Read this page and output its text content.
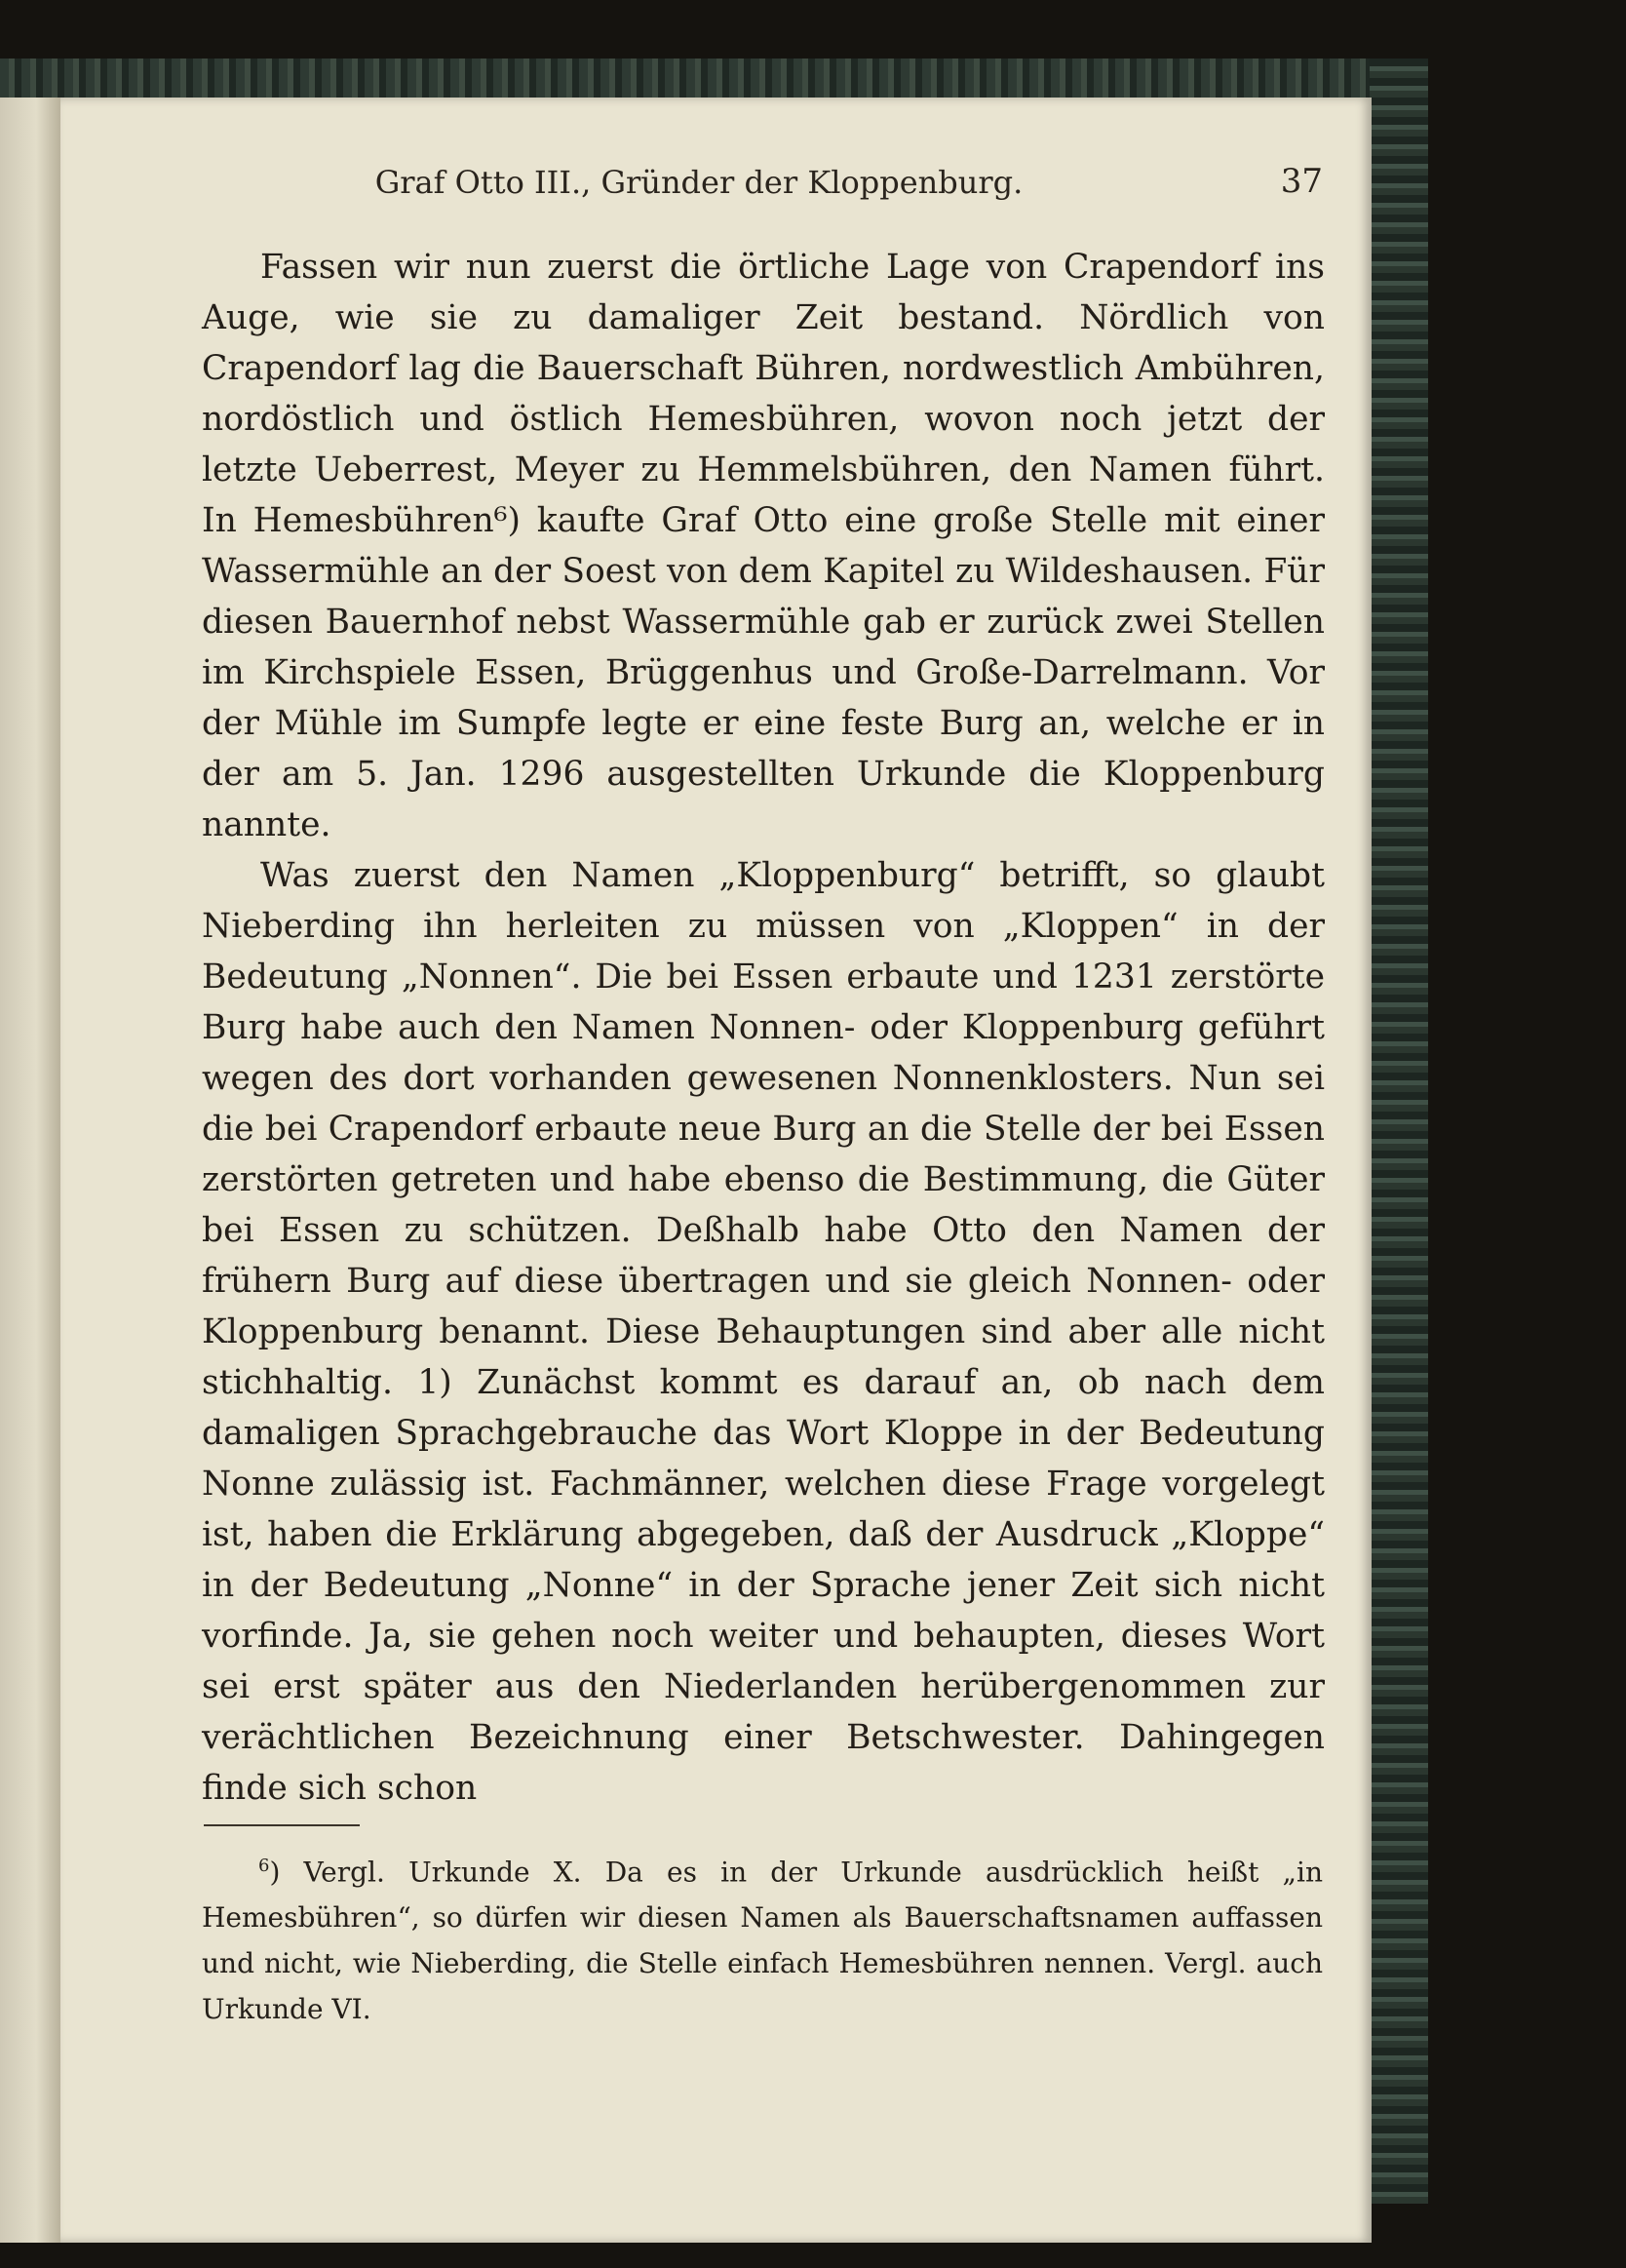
Graf Otto III., Gründer der Kloppenburg.	37

Fassen wir nun zuerst die örtliche Lage von Crapendorf ins Auge, wie sie zu damaliger Zeit bestand. Nördlich von Crapendorf lag die Bauerschaft Bühren, nordwestlich Ambühren, nordöstlich und östlich Hemesbühren, wovon noch jetzt der letzte Ueberrest, Meyer zu Hemmelsbühren, den Namen führt. In Hemesbühren⁶) kaufte Graf Otto eine große Stelle mit einer Wassermühle an der Soest von dem Kapitel zu Wildeshausen. Für diesen Bauernhof nebst Wassermühle gab er zurück zwei Stellen im Kirchspiele Essen, Brüggenhus und Große-Darrelmann. Vor der Mühle im Sumpfe legte er eine feste Burg an, welche er in der am 5. Jan. 1296 ausgestellten Urkunde die Kloppenburg nannte.

Was zuerst den Namen „Kloppenburg“ betrifft, so glaubt Nieberding ihn herleiten zu müssen von „Kloppen“ in der Bedeutung „Nonnen“. Die bei Essen erbaute und 1231 zerstörte Burg habe auch den Namen Nonnen- oder Kloppenburg geführt wegen des dort vorhanden gewesenen Nonnenklosters. Nun sei die bei Crapendorf erbaute neue Burg an die Stelle der bei Essen zerstörten getreten und habe ebenso die Bestimmung, die Güter bei Essen zu schützen. Deßhalb habe Otto den Namen der frühern Burg auf diese übertragen und sie gleich Nonnen- oder Kloppenburg benannt. Diese Behauptungen sind aber alle nicht stichhaltig. 1) Zunächst kommt es darauf an, ob nach dem damaligen Sprachgebrauche das Wort Kloppe in der Bedeutung Nonne zulässig ist. Fachmänner, welchen diese Frage vorgelegt ist, haben die Erklärung abgegeben, daß der Ausdruck „Kloppe“ in der Bedeutung „Nonne“ in der Sprache jener Zeit sich nicht vorfinde. Ja, sie gehen noch weiter und behaupten, dieses Wort sei erst später aus den Niederlanden herübergenommen zur verächtlichen Bezeichnung einer Betschwester. Dahingegen finde sich schon

$^6$) Vergl. Urkunde X. Da es in der Urkunde ausdrücklich heißt „in Hemesbühren“, so dürfen wir diesen Namen als Bauerschaftsnamen auffassen und nicht, wie Nieberding, die Stelle einfach Hemesbühren nennen. Vergl. auch Urkunde VI.
